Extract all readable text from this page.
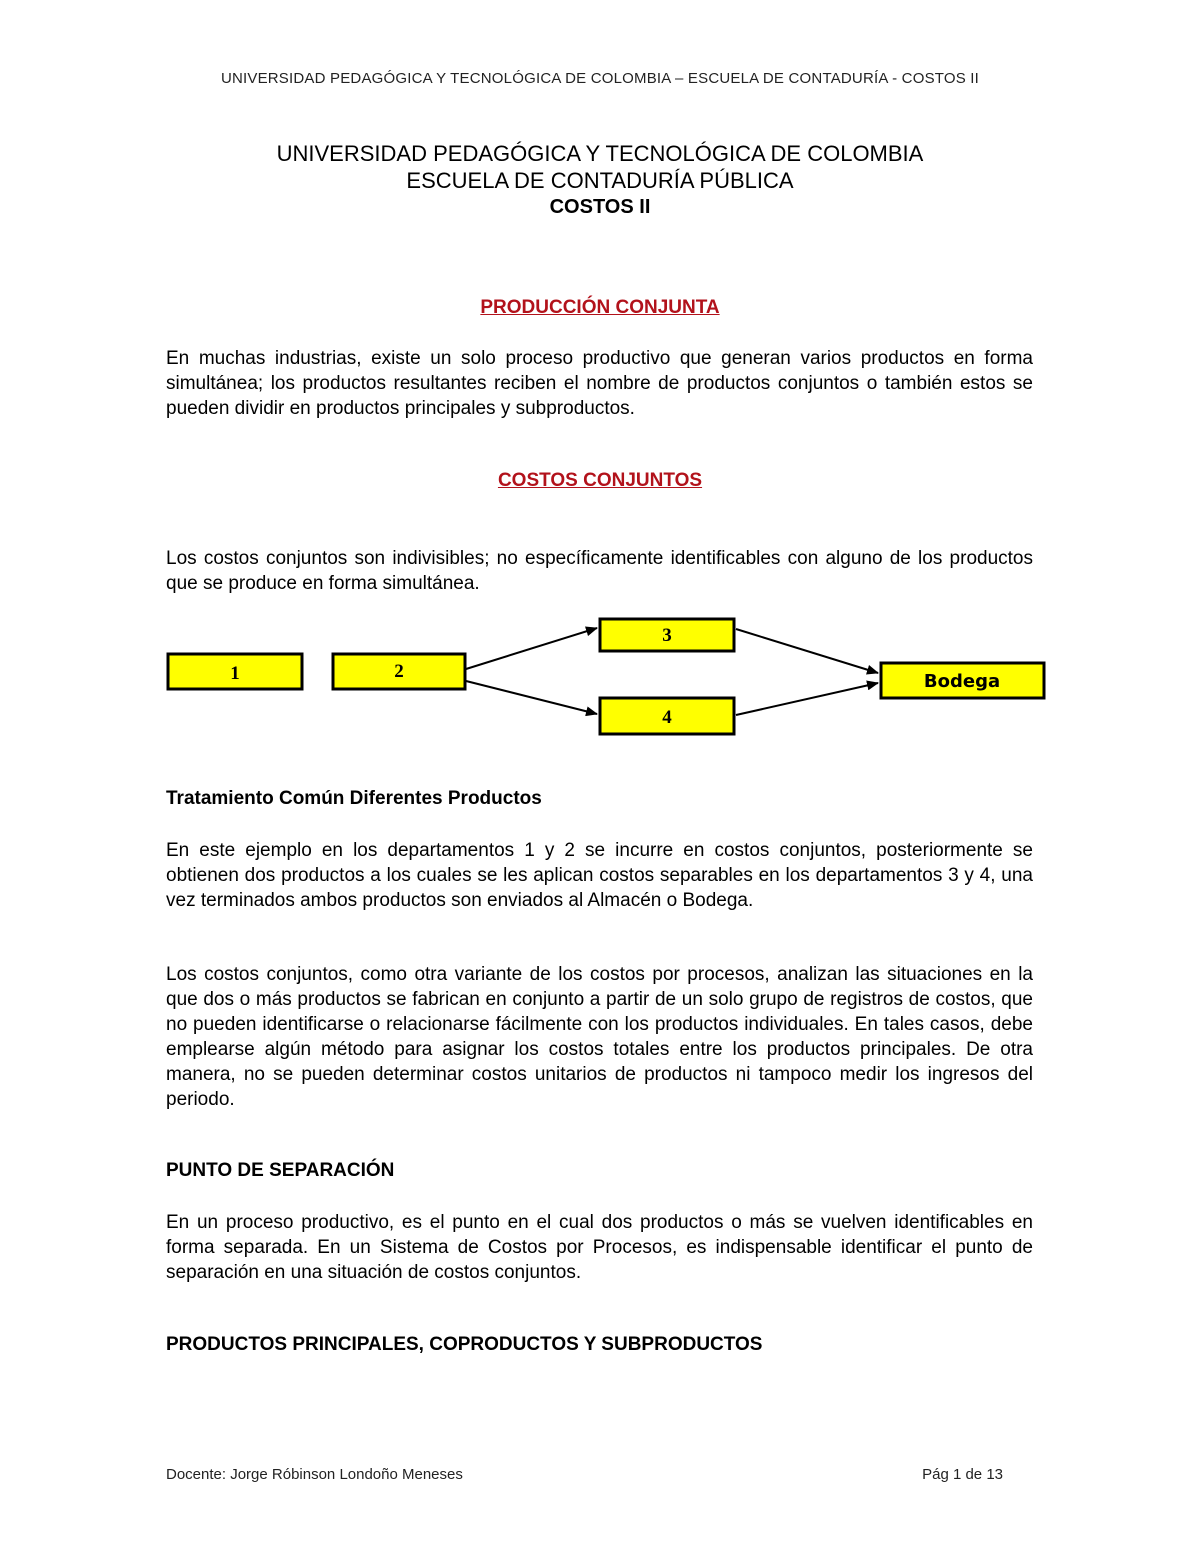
UNIVERSIDAD PEDAGÓGICA Y TECNOLÓGICA DE COLOMBIA – ESCUELA DE CONTADURÍA - COSTOS II
UNIVERSIDAD PEDAGÓGICA Y TECNOLÓGICA DE COLOMBIA
ESCUELA DE CONTADURÍA PÚBLICA
COSTOS II
PRODUCCIÓN CONJUNTA
En muchas industrias, existe un solo proceso productivo que generan varios productos en forma simultánea; los productos resultantes reciben el nombre de productos conjuntos o también estos se pueden dividir en productos principales y subproductos.
COSTOS CONJUNTOS
Los costos conjuntos son indivisibles; no específicamente identificables con alguno de los productos que se produce en forma simultánea.
1	2
3
4
Bodega
Tratamiento Común Diferentes Productos
En este ejemplo en los departamentos 1 y 2 se incurre en costos conjuntos, posteriormente se obtienen dos productos a los cuales se les aplican costos separables en los departamentos 3 y 4, una vez terminados ambos productos son enviados al Almacén o Bodega.
Los costos conjuntos, como otra variante de los costos por procesos, analizan las situaciones en la que dos o más productos se fabrican en conjunto a partir de un solo grupo de registros de costos, que no pueden identificarse o relacionarse fácilmente con los productos individuales. En tales casos, debe emplearse algún método para asignar los costos totales entre los productos principales. De otra manera, no se pueden determinar costos unitarios de productos ni tampoco medir los ingresos del periodo.
PUNTO DE SEPARACIÓN
En un proceso productivo, es el punto en el cual dos productos o más se vuelven identificables en forma separada. En un Sistema de Costos por Procesos, es indispensable identificar el punto de separación en una situación de costos conjuntos.
PRODUCTOS PRINCIPALES, COPRODUCTOS Y SUBPRODUCTOS
Docente: Jorge Róbinson Londoño Meneses	Pág 1 de 13
